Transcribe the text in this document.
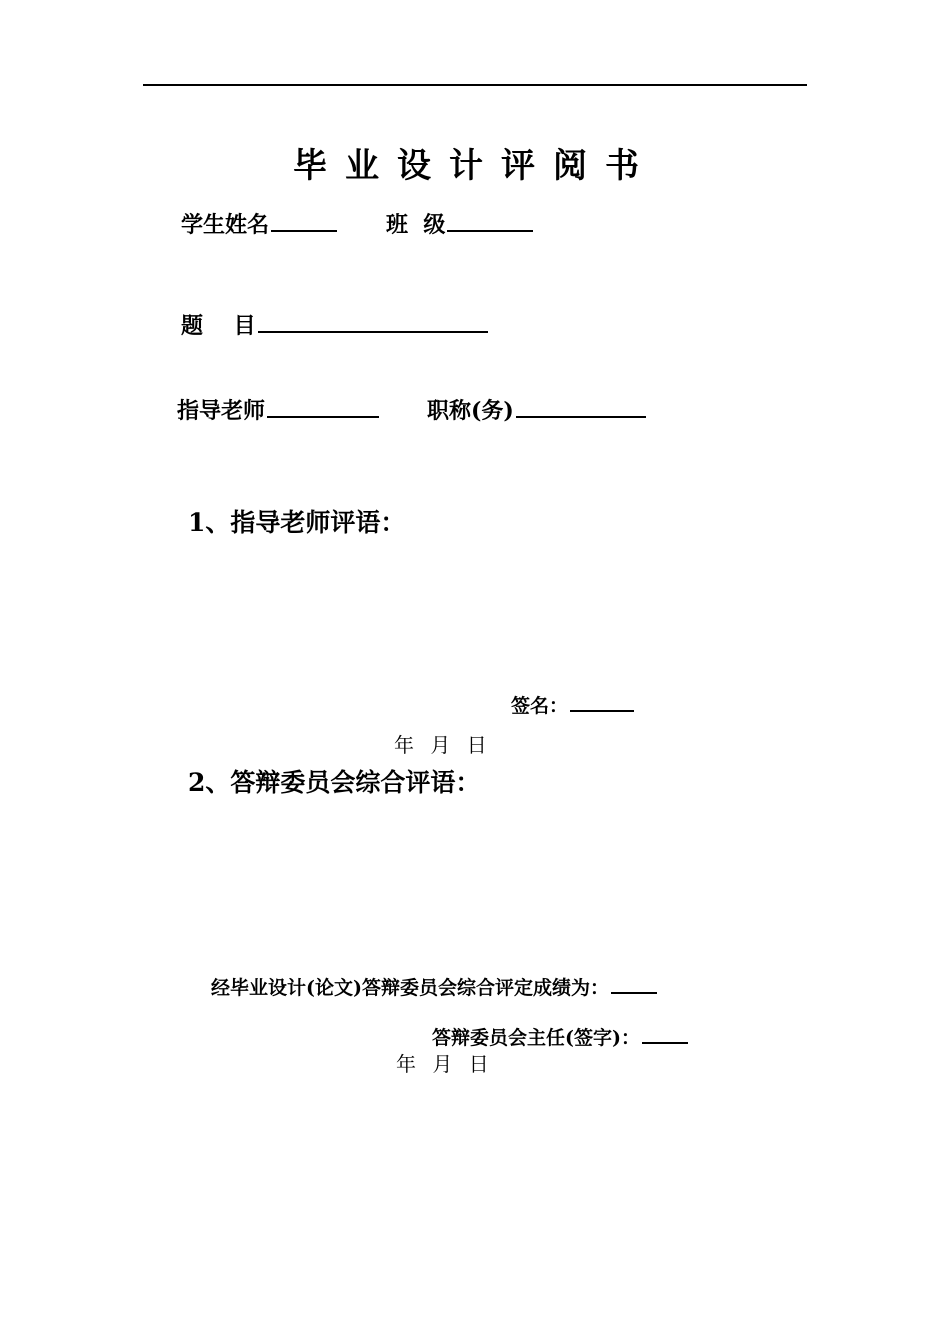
毕业设计评阅书
学生姓名	班  级
题    目
指导老师	职称(务)
1、指导老师评语：
签名：
年 月 日
2、答辩委员会综合评语：
经毕业设计(论文)答辩委员会综合评定成绩为：
答辩委员会主任(签字)：
年 月 日
